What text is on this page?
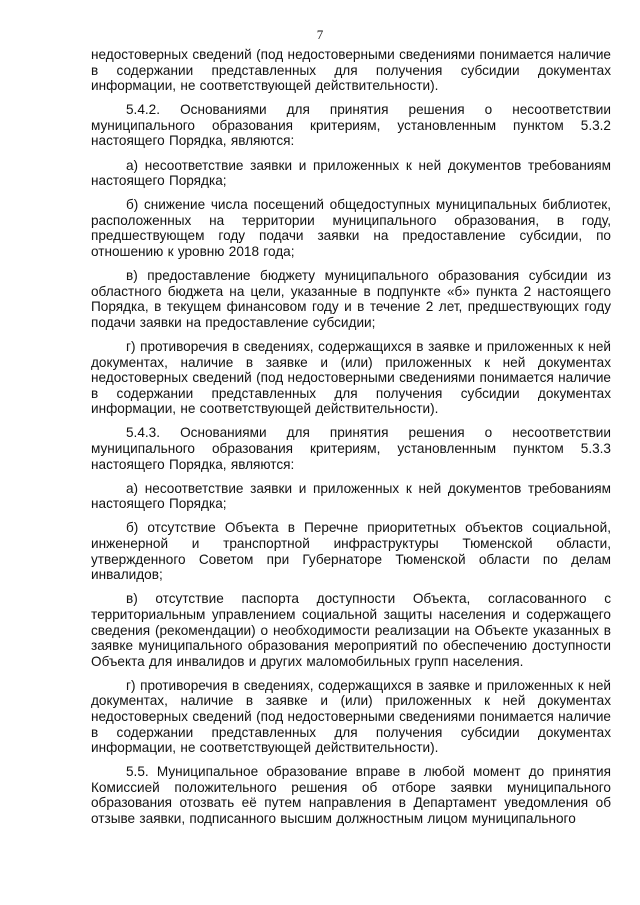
7

недостоверных сведений (под недостоверными сведениями понимается наличие в содержании представленных для получения субсидии документах информации, не соответствующей действительности).

5.4.2. Основаниями для принятия решения о несоответствии муниципального образования критериям, установленным пунктом 5.3.2 настоящего Порядка, являются:

а) несоответствие заявки и приложенных к ней документов требованиям настоящего Порядка;

б) снижение числа посещений общедоступных муниципальных библиотек, расположенных на территории муниципального образования, в году, предшествующем году подачи заявки на предоставление субсидии, по отношению к уровню 2018 года;

в) предоставление бюджету муниципального образования субсидии из областного бюджета на цели, указанные в подпункте «б» пункта 2 настоящего Порядка, в текущем финансовом году и в течение 2 лет, предшествующих году подачи заявки на предоставление субсидии;

г) противоречия в сведениях, содержащихся в заявке и приложенных к ней документах, наличие в заявке и (или) приложенных к ней документах недостоверных сведений (под недостоверными сведениями понимается наличие в содержании представленных для получения субсидии документах информации, не соответствующей действительности).

5.4.3. Основаниями для принятия решения о несоответствии муниципального образования критериям, установленным пунктом 5.3.3 настоящего Порядка, являются:

а) несоответствие заявки и приложенных к ней документов требованиям настоящего Порядка;

б) отсутствие Объекта в Перечне приоритетных объектов социальной, инженерной и транспортной инфраструктуры Тюменской области, утвержденного Советом при Губернаторе Тюменской области по делам инвалидов;

в) отсутствие паспорта доступности Объекта, согласованного с территориальным управлением социальной защиты населения и содержащего сведения (рекомендации) о необходимости реализации на Объекте указанных в заявке муниципального образования мероприятий по обеспечению доступности Объекта для инвалидов и других маломобильных групп населения.

г) противоречия в сведениях, содержащихся в заявке и приложенных к ней документах, наличие в заявке и (или) приложенных к ней документах недостоверных сведений (под недостоверными сведениями понимается наличие в содержании представленных для получения субсидии документах информации, не соответствующей действительности).

5.5. Муниципальное образование вправе в любой момент до принятия Комиссией положительного решения об отборе заявки муниципального образования отозвать её путем направления в Департамент уведомления об отзыве заявки, подписанного высшим должностным лицом муниципального
